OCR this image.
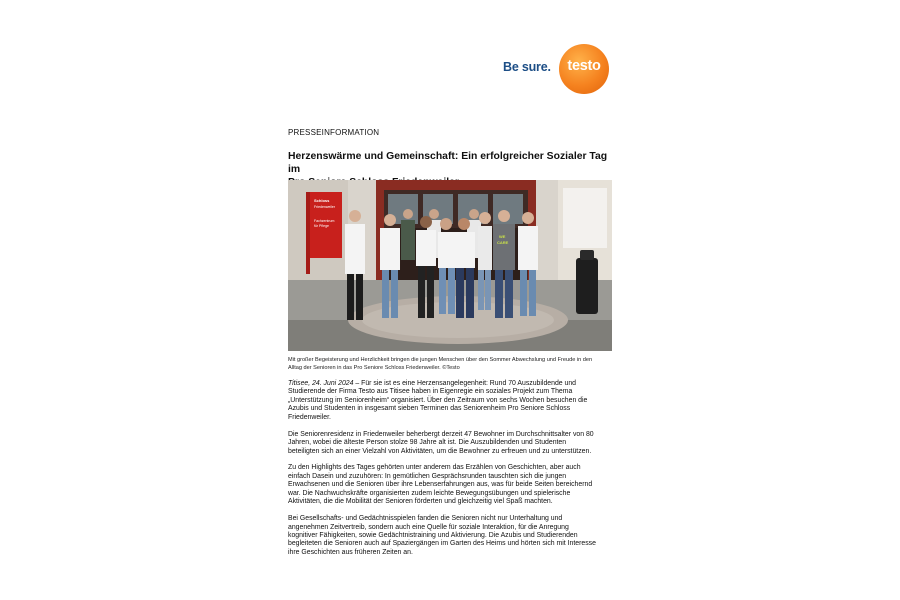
Be sure.	testo
PRESSEINFORMATION
Herzenswärme und Gemeinschaft: Ein erfolgreicher Sozialer Tag im
Schloss
Friedenweiler
Fachzentrum
für Pflege
WE
CARE
Mit großer Begeisterung und Herzlichkeit bringen die jungen Menschen über den Sommer Abwechslung und Freude in den
Alltag der Senioren in das Pro Seniore Schloss Friedenweiler. ©Testo

Titisee, 24. Juni 2024 – Für sie ist es eine Herzensangelegenheit: Rund 70 Auszubildende und
Studierende der Firma Testo aus Titisee haben in Eigenregie ein soziales Projekt zum Thema
„Unterstützung im Seniorenheim“ organisiert. Über den Zeitraum von sechs Wochen besuchen die
Azubis und Studenten in insgesamt sieben Terminen das Seniorenheim Pro Seniore Schloss
Friedenweiler.

Die Seniorenresidenz in Friedenweiler beherbergt derzeit 47 Bewohner im Durchschnittsalter von 80
Jahren, wobei die älteste Person stolze 98 Jahre alt ist. Die Auszubildenden und Studenten
beteiligten sich an einer Vielzahl von Aktivitäten, um die Bewohner zu erfreuen und zu unterstützen.

Zu den Highlights des Tages gehörten unter anderem das Erzählen von Geschichten, aber auch
einfach Dasein und zuzuhören: In gemütlichen Gesprächsrunden tauschten sich die jungen
Erwachsenen und die Senioren über ihre Lebenserfahrungen aus, was für beide Seiten bereichernd
war. Die Nachwuchskräfte organisierten zudem leichte Bewegungsübungen und spielerische
Aktivitäten, die die Mobilität der Senioren förderten und gleichzeitig viel Spaß machten.

Bei Gesellschafts- und Gedächtnisspielen fanden die Senioren nicht nur Unterhaltung und
angenehmen Zeitvertreib, sondern auch eine Quelle für soziale Interaktion, für die Anregung
kognitiver Fähigkeiten, sowie Gedächtnistraining und Aktivierung. Die Azubis und Studierenden
begleiteten die Senioren auch auf Spaziergängen im Garten des Heims und hörten sich mit Interesse
ihre Geschichten aus früheren Zeiten an.
